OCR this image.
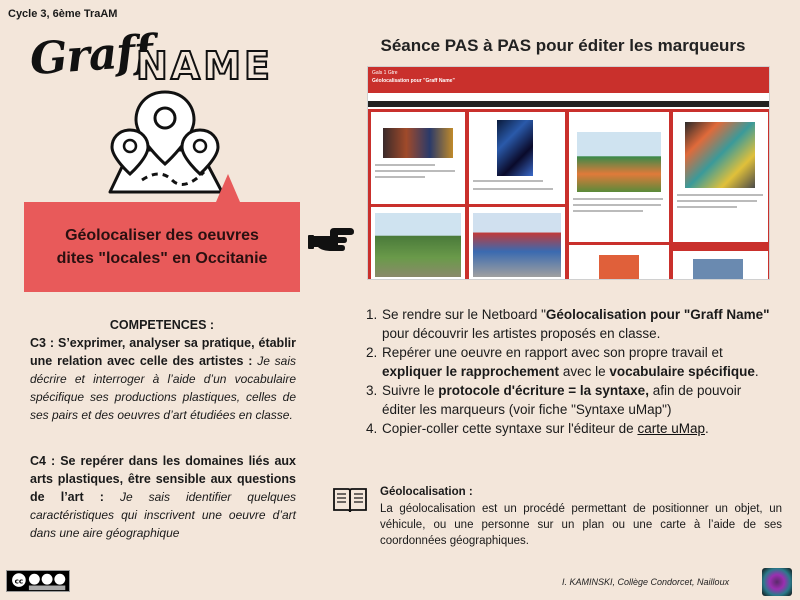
Cycle 3, 6ème TraAM
Graff
NAME
Géolocaliser des oeuvres
dites "locales" en Occitanie
Séance PAS à PAS pour éditer les marqueurs
Gals 1 Gtre
Géolocalisation pour "Graff Name"
1. Se rendre sur le Netboard "Géolocalisation pour "Graff Name" pour découvrir les artistes proposés en classe.
2. Repérer une oeuvre en rapport avec son propre travail et expliquer le rapprochement avec le vocabulaire spécifique.
3. Suivre le protocole d'écriture = la syntaxe, afin de pouvoir éditer les marqueurs (voir fiche "Syntaxe uMap")
4. Copier-coller cette syntaxe sur l'éditeur de carte uMap.
COMPETENCES :
C3 : S’exprimer, analyser sa pratique, établir une relation avec celle des artistes : Je sais décrire et interroger à l’aide d’un vocabulaire spécifique ses productions plastiques, celles de ses pairs et des oeuvres d’art étudiées en classe.
C4 : Se repérer dans les domaines liés aux arts plastiques, être sensible aux questions de l’art : Je sais identifier quelques caractéristiques qui inscrivent une oeuvre d’art dans une aire géographique
Géolocalisation :
La géolocalisation est un procédé permettant de positionner un objet, un véhicule, ou une personne sur un plan ou une carte à l’aide de ses coordonnées géographiques.
cc	I. KAMINSKI, Collège Condorcet, Nailloux
